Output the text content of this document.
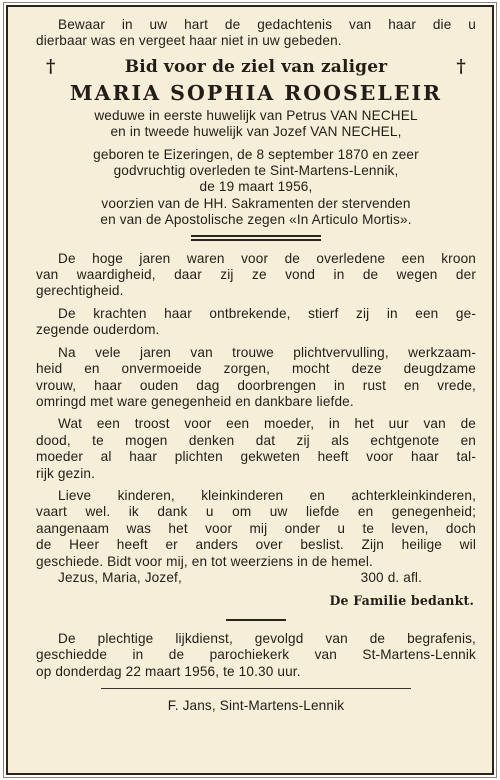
Bewaar in uw hart de gedachtenis van haar die u

dierbaar was en vergeet haar niet in uw gebeden.

†	Bid voor de ziel van zaliger	†
MARIA SOPHIA ROOSELEIR

weduwe in eerste huwelijk van Petrus VAN NECHEL

en in tweede huwelijk van Jozef VAN NECHEL,

geboren te Eizeringen, de 8 september 1870 en zeer

godvruchtig overleden te Sint-Martens-Lennik,

de 19 maart 1956,

voorzien van de HH. Sakramenten der stervenden

en van de Apostolische zegen «In Articulo Mortis».

De hoge jaren waren voor de overledene een kroon

van waardigheid, daar zij ze vond in de wegen der

gerechtigheid.

De krachten haar ontbrekende, stierf zij in een ge-

zegende ouderdom.

Na vele jaren van trouwe plichtvervulling, werkzaam-

heid en onvermoeide zorgen, mocht deze deugdzame

vrouw, haar ouden dag doorbrengen in rust en vrede,

omringd met ware genegenheid en dankbare liefde.

Wat een troost voor een moeder, in het uur van de

dood, te mogen denken dat zij als echtgenote en

moeder al haar plichten gekweten heeft voor haar tal-

rijk gezin.

Lieve kinderen, kleinkinderen en achterkleinkinderen,

vaart wel. ik dank u om uw liefde en genegenheid;

aangenaam was het voor mij onder u te leven, doch

de Heer heeft er anders over beslist. Zijn heilige wil

geschiede. Bidt voor mij, en tot weerziens in de hemel.

Jezus, Maria, Jozef,	300 d. afl.
De Familie bedankt.

De plechtige lijkdienst, gevolgd van de begrafenis,

geschiedde in de parochiekerk van St-Martens-Lennik

op donderdag 22 maart 1956, te 10.30 uur.

F. Jans, Sint-Martens-Lennik
